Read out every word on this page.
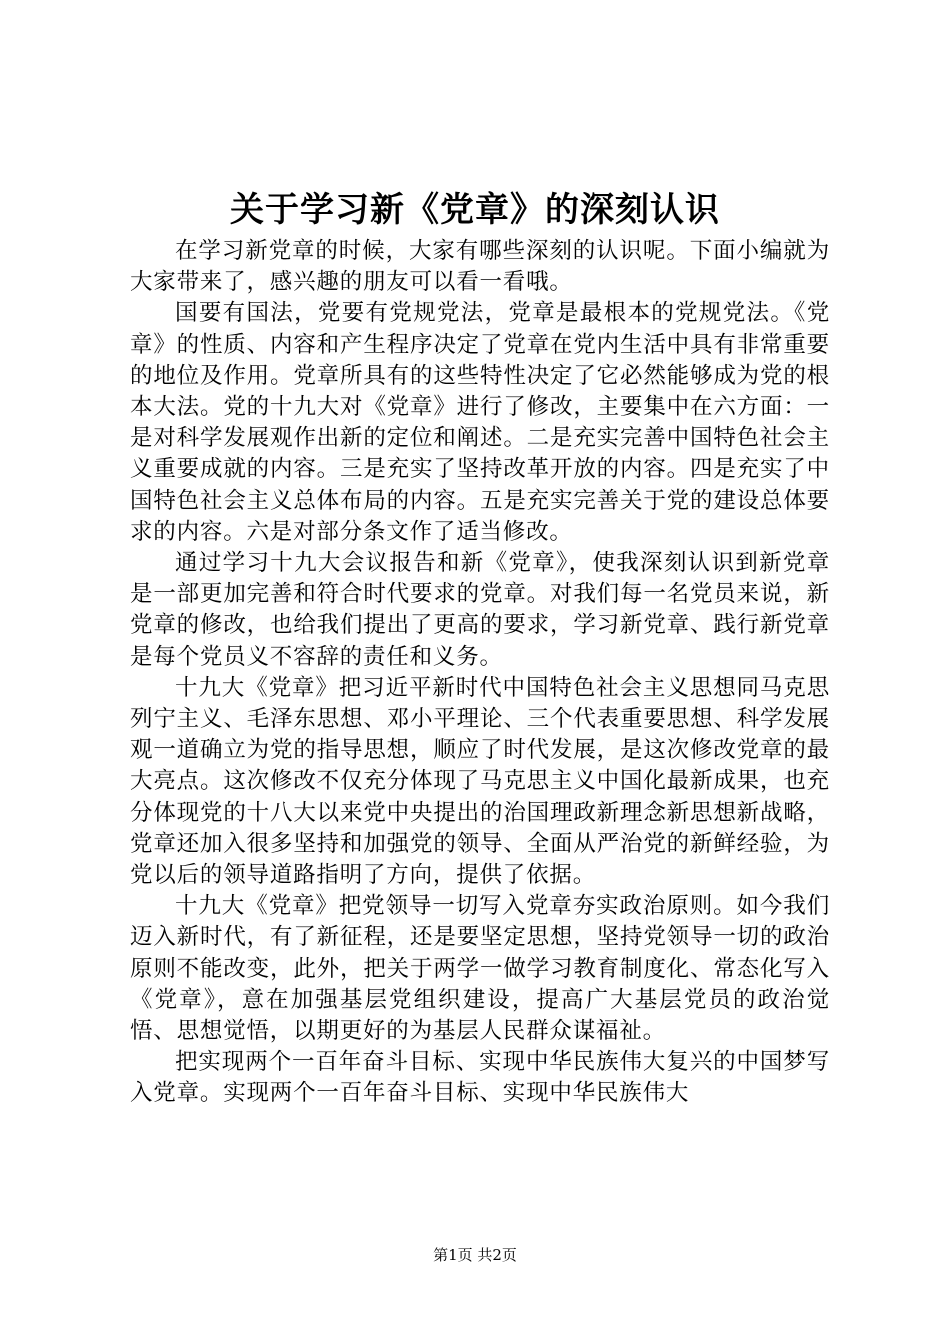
关于学习新《党章》的深刻认识

在学习新党章的时候，大家有哪些深刻的认识呢。下面小编就为大家带来了，感兴趣的朋友可以看一看哦。

国要有国法，党要有党规党法，党章是最根本的党规党法。《党章》的性质、内容和产生程序决定了党章在党内生活中具有非常重要的地位及作用。党章所具有的这些特性决定了它必然能够成为党的根本大法。党的十九大对《党章》进行了修改，主要集中在六方面：一是对科学发展观作出新的定位和阐述。二是充实完善中国特色社会主义重要成就的内容。三是充实了坚持改革开放的内容。四是充实了中国特色社会主义总体布局的内容。五是充实完善关于党的建设总体要求的内容。六是对部分条文作了适当修改。

通过学习十九大会议报告和新《党章》，使我深刻认识到新党章是一部更加完善和符合时代要求的党章。对我们每一名党员来说，新党章的修改，也给我们提出了更高的要求，学习新党章、践行新党章是每个党员义不容辞的责任和义务。

十九大《党章》把习近平新时代中国特色社会主义思想同马克思列宁主义、毛泽东思想、邓小平理论、三个代表重要思想、科学发展观一道确立为党的指导思想，顺应了时代发展，是这次修改党章的最大亮点。这次修改不仅充分体现了马克思主义中国化最新成果，也充分体现党的十八大以来党中央提出的治国理政新理念新思想新战略，党章还加入很多坚持和加强党的领导、全面从严治党的新鲜经验，为党以后的领导道路指明了方向，提供了依据。

十九大《党章》把党领导一切写入党章夯实政治原则。如今我们迈入新时代，有了新征程，还是要坚定思想，坚持党领导一切的政治原则不能改变，此外，把关于两学一做学习教育制度化、常态化写入《党章》，意在加强基层党组织建设，提高广大基层党员的政治觉悟、思想觉悟，以期更好的为基层人民群众谋福祉。

把实现两个一百年奋斗目标、实现中华民族伟大复兴的中国梦写入党章。实现两个一百年奋斗目标、实现中华民族伟大

第1页 共2页
